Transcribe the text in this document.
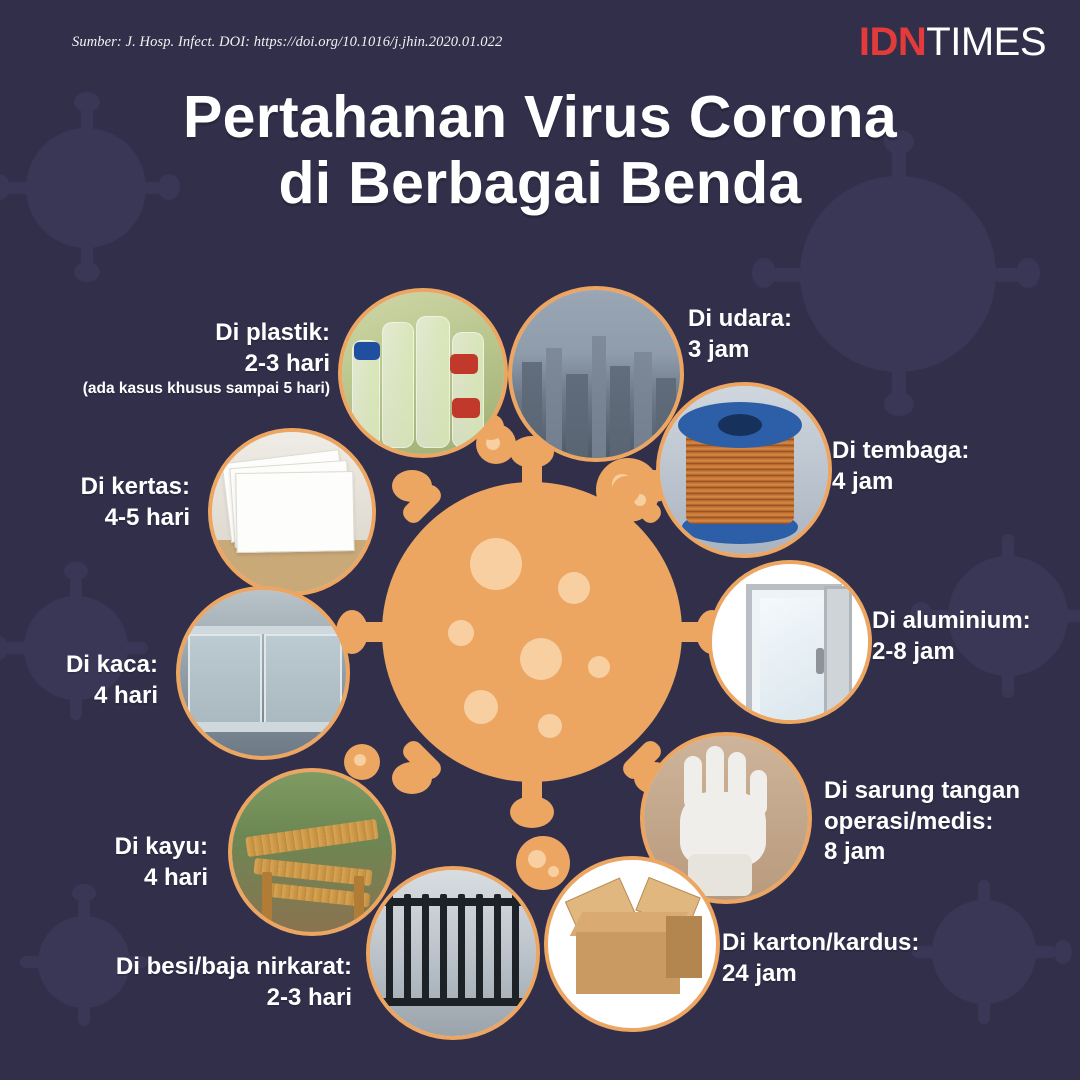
Sumber: J. Hosp. Infect. DOI: https://doi.org/10.1016/j.jhin.2020.01.022	IDNTIMES
Pertahanan Virus Corona
di Berbagai Benda
Di plastik:
2-3 hari
(ada kasus khusus sampai 5 hari)
Di udara:
3 jam
Di tembaga:
4 jam
Di kertas:
4-5 hari
Di aluminium:
2-8 jam
Di kaca:
4 hari
Di sarung tangan
operasi/medis:
8 jam
Di kayu:
4 hari
Di karton/kardus:
24 jam
Di besi/baja nirkarat:
2-3 hari
